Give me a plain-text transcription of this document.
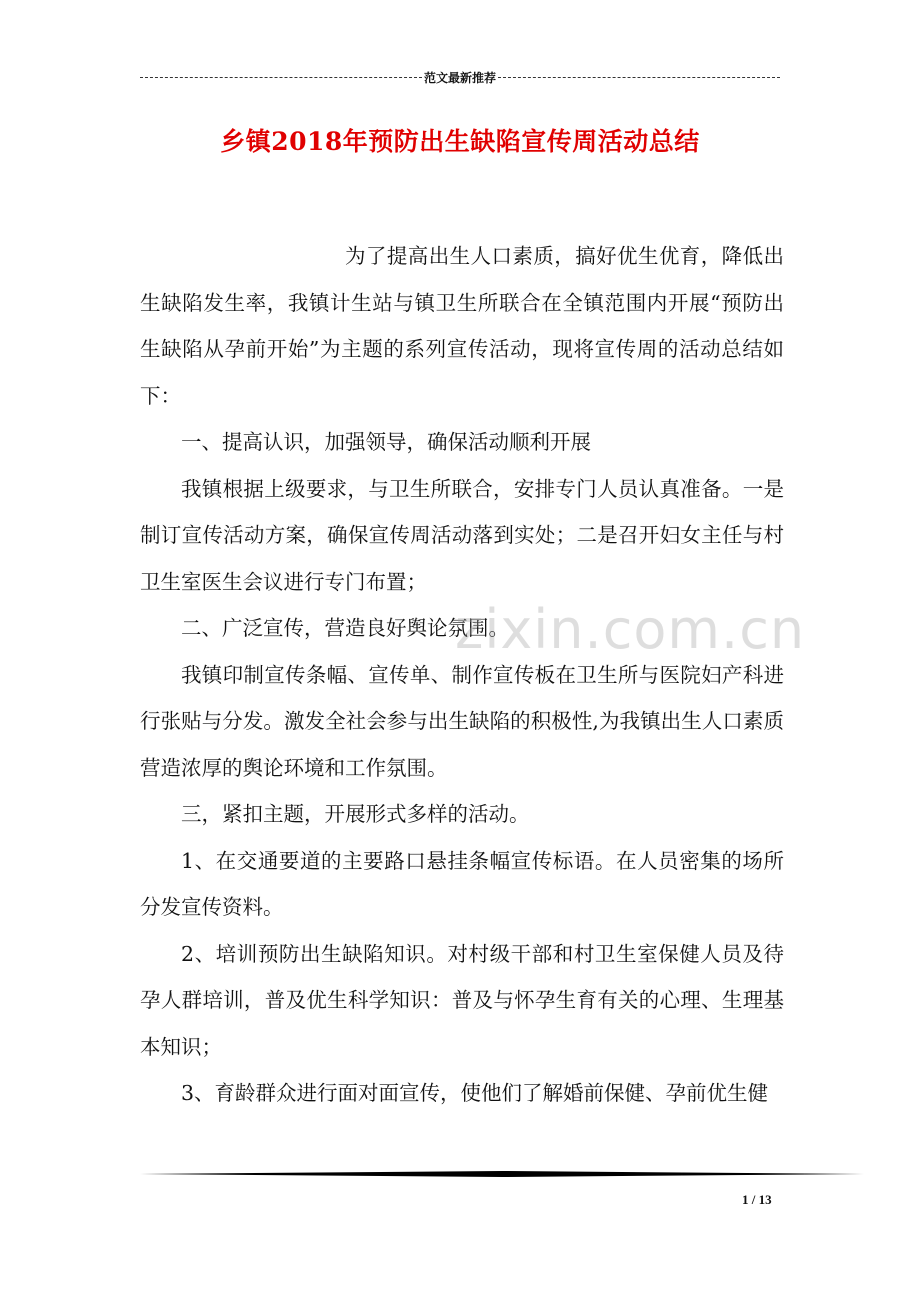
范文最新推荐
乡镇2018年预防出生缺陷宣传周活动总结

为了提高出生人口素质，搞好优生优育，降低出生缺陷发生率，我镇计生站与镇卫生所联合在全镇范围内开展“预防出生缺陷从孕前开始”为主题的系列宣传活动，现将宣传周的活动总结如下：

一、提高认识，加强领导，确保活动顺利开展

我镇根据上级要求，与卫生所联合，安排专门人员认真准备。一是制订宣传活动方案，确保宣传周活动落到实处；二是召开妇女主任与村卫生室医生会议进行专门布置；

二、广泛宣传，营造良好舆论氛围。

我镇印制宣传条幅、宣传单、制作宣传板在卫生所与医院妇产科进行张贴与分发。激发全社会参与出生缺陷的积极性,为我镇出生人口素质营造浓厚的舆论环境和工作氛围。

三，紧扣主题，开展形式多样的活动。

1、在交通要道的主要路口悬挂条幅宣传标语。在人员密集的场所分发宣传资料。

2、培训预防出生缺陷知识。对村级干部和村卫生室保健人员及待孕人群培训，普及优生科学知识：普及与怀孕生育有关的心理、生理基本知识；

3、育龄群众进行面对面宣传，使他们了解婚前保健、孕前优生健

zixin.com.cn
1 / 13
